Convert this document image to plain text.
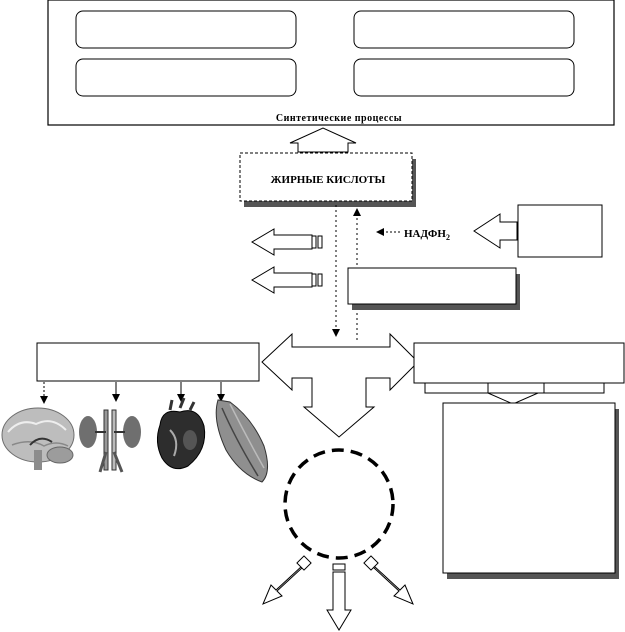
Синтетические процессы
ЖИРНЫЕ КИСЛОТЫ
$НАДФН_2$
